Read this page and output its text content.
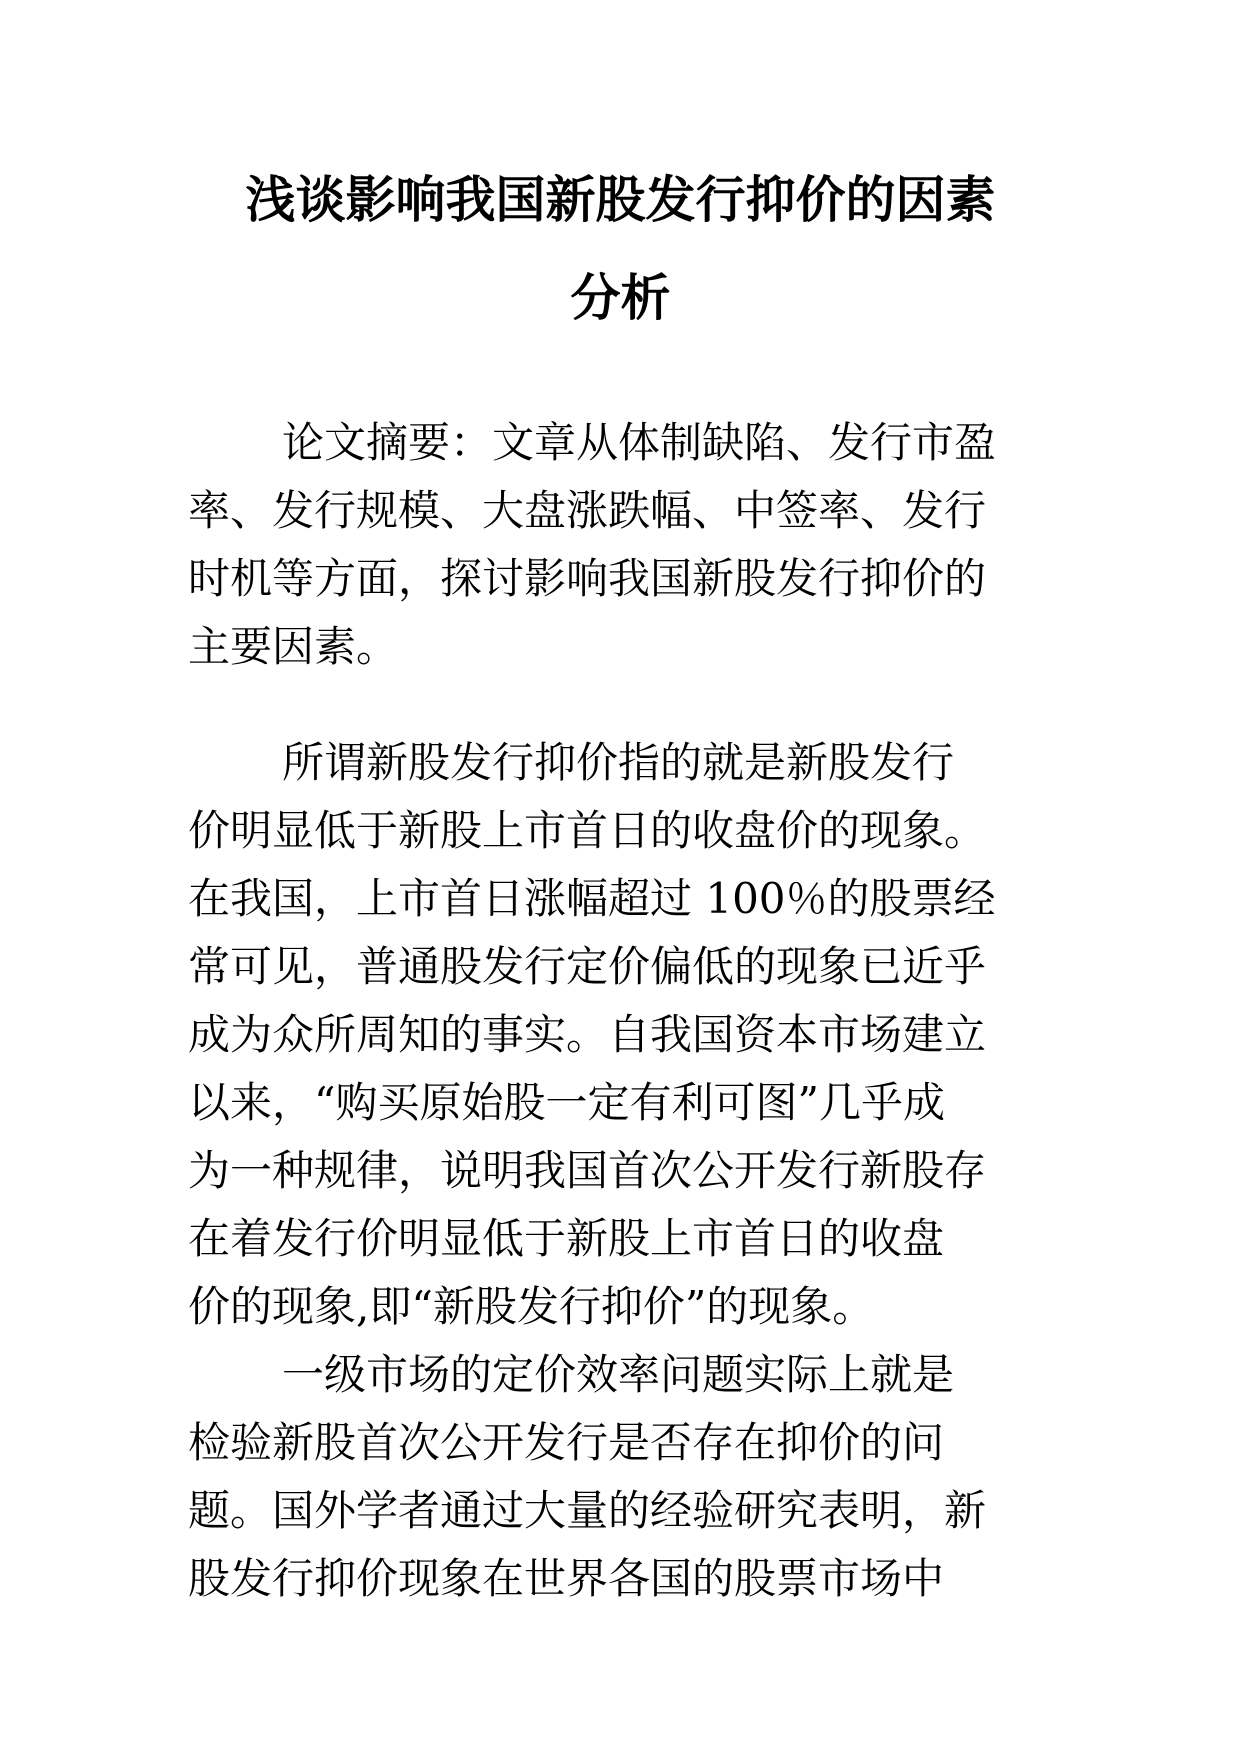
浅谈影响我国新股发行抑价的因素
分析
论文摘要：文章从体制缺陷、发行市盈
率、发行规模、大盘涨跌幅、中签率、发行
时机等方面，探讨影响我国新股发行抑价的
主要因素。
所谓新股发行抑价指的就是新股发行
价明显低于新股上市首日的收盘价的现象。
在我国，上市首日涨幅超过 100％的股票经
常可见，普通股发行定价偏低的现象已近乎
成为众所周知的事实。自我国资本市场建立
以来，“购买原始股一定有利可图”几乎成
为一种规律，说明我国首次公开发行新股存
在着发行价明显低于新股上市首日的收盘
价的现象,即“新股发行抑价”的现象。
一级市场的定价效率问题实际上就是
检验新股首次公开发行是否存在抑价的问
题。国外学者通过大量的经验研究表明，新
股发行抑价现象在世界各国的股票市场中
